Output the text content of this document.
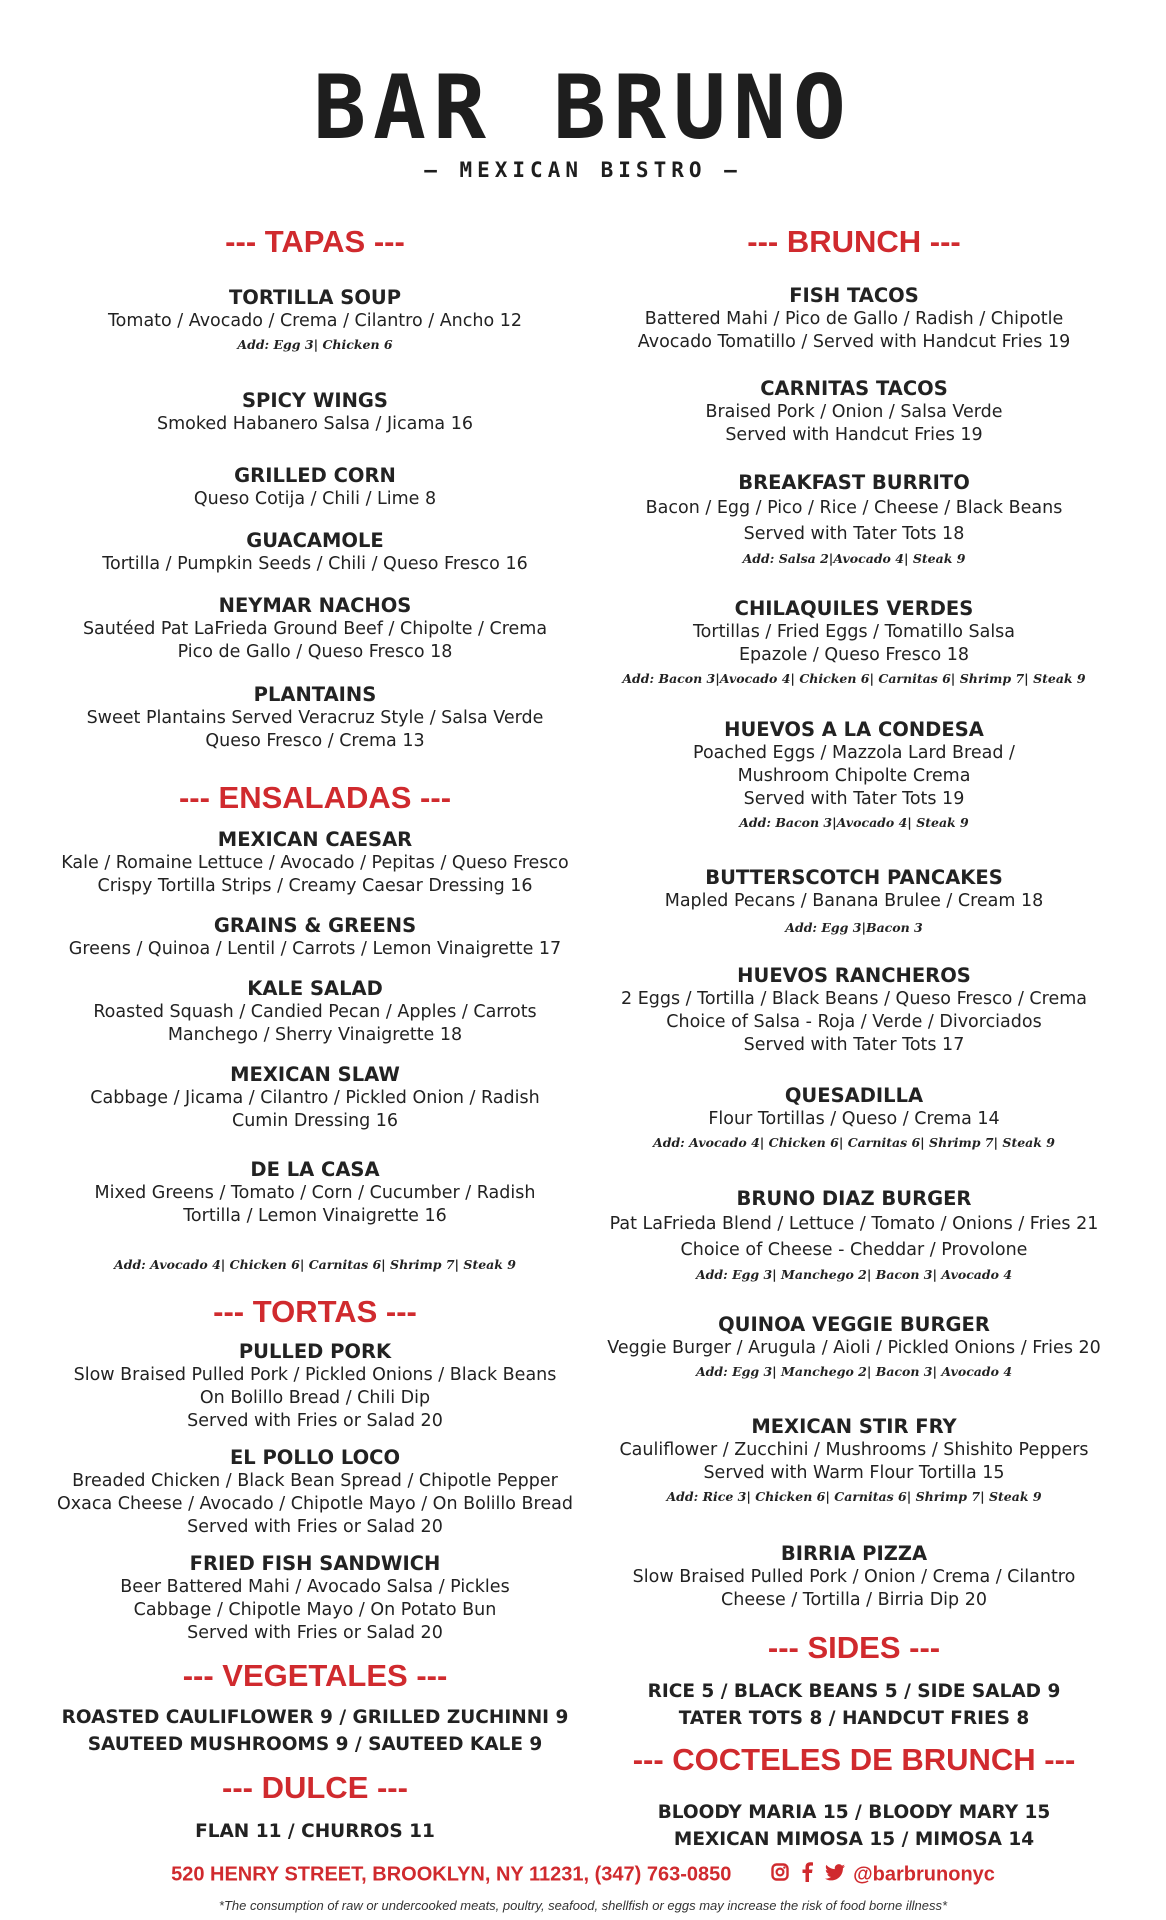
BAR BRUNO
— MEXICAN BISTRO —
--- TAPAS ---
TORTILLA SOUP
Tomato / Avocado / Crema / Cilantro / Ancho 12
Add: Egg 3| Chicken 6
SPICY WINGS
Smoked Habanero Salsa / Jicama 16
GRILLED CORN
Queso Cotija / Chili / Lime 8
GUACAMOLE
Tortilla / Pumpkin Seeds / Chili / Queso Fresco 16
NEYMAR NACHOS
Sautéed Pat LaFrieda Ground Beef / Chipolte / Crema
Pico de Gallo / Queso Fresco 18
PLANTAINS
Sweet Plantains Served Veracruz Style / Salsa Verde
Queso Fresco / Crema 13
--- ENSALADAS ---
MEXICAN CAESAR
Kale / Romaine Lettuce / Avocado / Pepitas / Queso Fresco
Crispy Tortilla Strips / Creamy Caesar Dressing 16
GRAINS & GREENS
Greens / Quinoa / Lentil / Carrots / Lemon Vinaigrette 17
KALE SALAD
Roasted Squash / Candied Pecan / Apples / Carrots
Manchego / Sherry Vinaigrette 18
MEXICAN SLAW
Cabbage / Jicama / Cilantro / Pickled Onion / Radish
Cumin Dressing 16
DE LA CASA
Mixed Greens / Tomato / Corn / Cucumber / Radish
Tortilla / Lemon Vinaigrette 16
Add: Avocado 4| Chicken 6| Carnitas 6| Shrimp 7| Steak 9
--- TORTAS ---
PULLED PORK
Slow Braised Pulled Pork / Pickled Onions / Black Beans
On Bolillo Bread / Chili Dip
Served with Fries or Salad 20
EL POLLO LOCO
Breaded Chicken / Black Bean Spread / Chipotle Pepper
Oxaca Cheese / Avocado / Chipotle Mayo / On Bolillo Bread
Served with Fries or Salad 20
FRIED FISH SANDWICH
Beer Battered Mahi / Avocado Salsa / Pickles
Cabbage / Chipotle Mayo / On Potato Bun
Served with Fries or Salad 20
--- VEGETALES ---
ROASTED CAULIFLOWER 9 / GRILLED ZUCHINNI 9
SAUTEED MUSHROOMS 9 / SAUTEED KALE 9
--- DULCE ---
FLAN 11 / CHURROS 11
--- BRUNCH ---
FISH TACOS
Battered Mahi / Pico de Gallo / Radish / Chipotle
Avocado Tomatillo / Served with Handcut Fries 19
CARNITAS TACOS
Braised Pork / Onion / Salsa Verde
Served with Handcut Fries 19
BREAKFAST BURRITO
Bacon / Egg / Pico / Rice / Cheese / Black Beans
Served with Tater Tots 18
Add: Salsa 2|Avocado 4| Steak 9
CHILAQUILES VERDES
Tortillas / Fried Eggs / Tomatillo Salsa
Epazole / Queso Fresco 18
Add: Bacon 3|Avocado 4| Chicken 6| Carnitas 6| Shrimp 7| Steak 9
HUEVOS A LA CONDESA
Poached Eggs / Mazzola Lard Bread /
Mushroom Chipolte Crema
Served with Tater Tots 19
Add: Bacon 3|Avocado 4| Steak 9
BUTTERSCOTCH PANCAKES
Mapled Pecans / Banana Brulee / Cream 18
Add: Egg 3|Bacon 3
HUEVOS RANCHEROS
2 Eggs / Tortilla / Black Beans / Queso Fresco / Crema
Choice of Salsa - Roja / Verde / Divorciados
Served with Tater Tots 17
QUESADILLA
Flour Tortillas / Queso / Crema 14
Add: Avocado 4| Chicken 6| Carnitas 6| Shrimp 7| Steak 9
BRUNO DIAZ BURGER
Pat LaFrieda Blend / Lettuce / Tomato / Onions / Fries 21
Choice of Cheese - Cheddar / Provolone
Add: Egg 3| Manchego 2| Bacon 3| Avocado 4
QUINOA VEGGIE BURGER
Veggie Burger / Arugula / Aioli / Pickled Onions / Fries 20
Add: Egg 3| Manchego 2| Bacon 3| Avocado 4
MEXICAN STIR FRY
Cauliflower / Zucchini / Mushrooms / Shishito Peppers
Served with Warm Flour Tortilla 15
Add: Rice 3| Chicken 6| Carnitas 6| Shrimp 7| Steak 9
BIRRIA PIZZA
Slow Braised Pulled Pork / Onion / Crema / Cilantro
Cheese / Tortilla / Birria Dip 20
--- SIDES ---
RICE 5 / BLACK BEANS 5 / SIDE SALAD 9
TATER TOTS 8 / HANDCUT FRIES 8
--- COCTELES DE BRUNCH ---
BLOODY MARIA 15 / BLOODY MARY 15
MEXICAN MIMOSA 15 / MIMOSA 14
520 HENRY STREET, BROOKLYN, NY 11231, (347) 763-0850	@barbrunonyc
*The consumption of raw or undercooked meats, poultry, seafood, shellfish or eggs may increase the risk of food borne illness*
